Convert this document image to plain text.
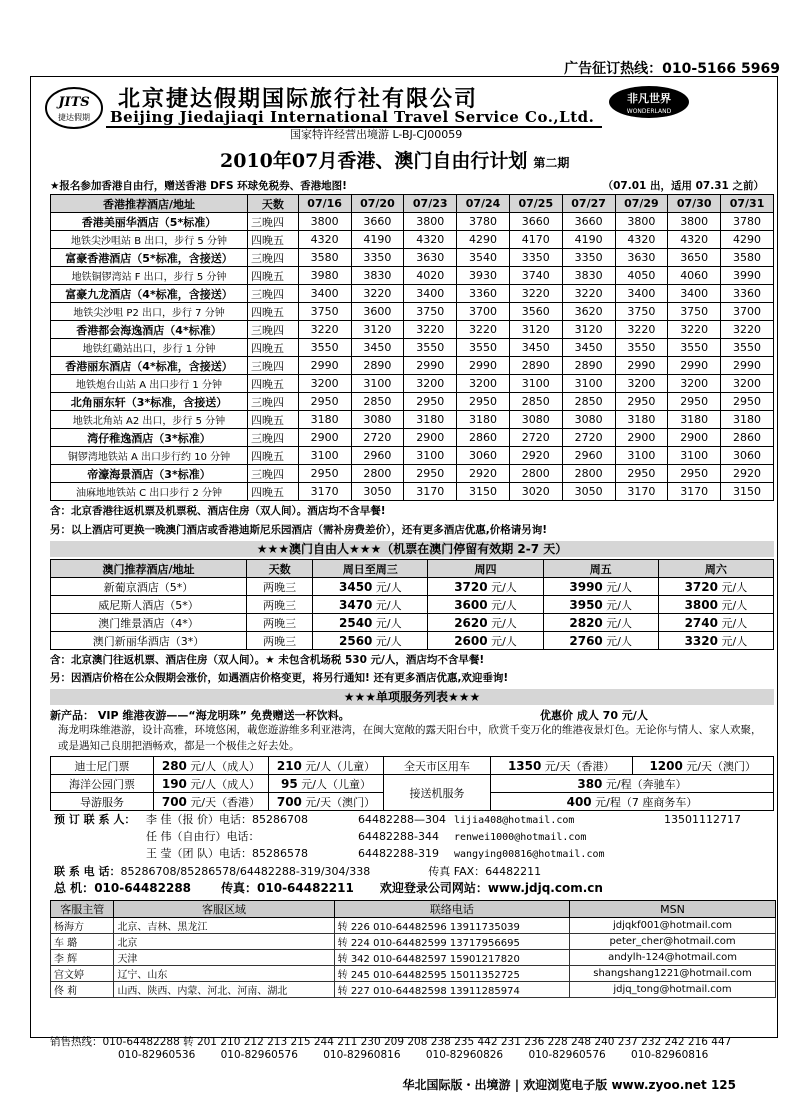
广告征订热线：010-5166 5969
JITS
捷达假期
北京捷达假期国际旅行社有限公司
Beijing Jiedajiaqi International Travel Service Co.,Ltd.
国家特许经营出境游 L-BJ-CJ00059
非凡世界
WONDERLAND
2010年07月香港、澳门自由行计划 第二期
★报名参加香港自由行，赠送香港 DFS 环球免税券、香港地图!	（07.01 出，适用 07.31 之前）
香港推荐酒店/地址	天数	07/16	07/20	07/23	07/24	07/25	07/27	07/29	07/30	07/31
香港美丽华酒店（5*标准）	三晚四	3800	3660	3800	3780	3660	3660	3800	3800	3780
地铁尖沙咀站 B 出口，步行 5 分钟	四晚五	4320	4190	4320	4290	4170	4190	4320	4320	4290
富豪香港酒店（5*标准，含接送）	三晚四	3580	3350	3630	3540	3350	3350	3630	3650	3580
地铁铜锣湾站 F 出口，步行 5 分钟	四晚五	3980	3830	4020	3930	3740	3830	4050	4060	3990
富豪九龙酒店（4*标准，含接送）	三晚四	3400	3220	3400	3360	3220	3220	3400	3400	3360
地铁尖沙咀 P2 出口，步行 7 分钟	四晚五	3750	3600	3750	3700	3560	3620	3750	3750	3700
香港都会海逸酒店（4*标准）	三晚四	3220	3120	3220	3220	3120	3120	3220	3220	3220
地铁红磡站出口，步行 1 分钟	四晚五	3550	3450	3550	3550	3450	3450	3550	3550	3550
香港丽东酒店（4*标准，含接送）	三晚四	2990	2890	2990	2990	2890	2890	2990	2990	2990
地铁炮台山站 A 出口步行 1 分钟	四晚五	3200	3100	3200	3200	3100	3100	3200	3200	3200
北角丽东轩（3*标准，含接送）	三晚四	2950	2850	2950	2950	2850	2850	2950	2950	2950
地铁北角站 A2 出口，步行 5 分钟	四晚五	3180	3080	3180	3180	3080	3080	3180	3180	3180
湾仔稚逸酒店（3*标准）	三晚四	2900	2720	2900	2860	2720	2720	2900	2900	2860
铜锣湾地铁站 A 出口步行约 10 分钟	四晚五	3100	2960	3100	3060	2920	2960	3100	3100	3060
帝濠海景酒店（3*标准）	三晚四	2950	2800	2950	2920	2800	2800	2950	2950	2920
油麻地地铁站 C 出口步行 2 分钟	四晚五	3170	3050	3170	3150	3020	3050	3170	3170	3150
含：北京香港往返机票及机票税、酒店住房（双人间）。酒店均不含早餐!
另：以上酒店可更换一晚澳门酒店或香港迪斯尼乐园酒店（需补房费差价），还有更多酒店优惠,价格请另询!
★★★澳门自由人★★★（机票在澳门停留有效期 2-7 天）
澳门推荐酒店/地址	天数	周日至周三	周四	周五	周六
新葡京酒店（5*）	两晚三	3450 元/人	3720 元/人	3990 元/人	3720 元/人
威尼斯人酒店（5*）	两晚三	3470 元/人	3600 元/人	3950 元/人	3800 元/人
澳门维景酒店（4*）	两晚三	2540 元/人	2620 元/人	2820 元/人	2740 元/人
澳门新丽华酒店（3*）	两晚三	2560 元/人	2600 元/人	2760 元/人	3320 元/人
含：北京澳门往返机票、酒店住房（双人间）。★ 未包含机场税 530 元/人，酒店均不含早餐!
另：因酒店价格在公众假期会涨价，如遇酒店价格变更，将另行通知! 还有更多酒店优惠,欢迎垂询!
★★★单项服务列表★★★
新产品： VIP 维港夜游——“海龙明珠” 免费赠送一杯饮料。	优惠价 成人 70 元/人
海龙明珠维港游，设计高雅，环境悠闲，載您遊游维多利亚港湾，在闽大宽敞的露天阳台中，欣赏千变万化的维港夜景灯色。无论你与情人、家人欢聚，或是遇知己良朋把酒畅欢，都是一个极佳之好去处。
迪士尼门票	280 元/人（成人）	210 元/人（儿童）	全天市区用车	1350 元/天（香港）	1200 元/天（澳门）
海洋公园门票	190 元/人（成人）	95 元/人（儿童）	接送机服务	380 元/程（奔驰车）	
导游服务	700 元/天（香港）	700 元/天（澳门）		400 元/程（7 座商务车）	
预 订 联 系 人： 李 佳（报 价）电话：85286708	64482288—304 lijia408@hotmail.com	13501112717
任 伟（自由行）电话：	64482288-344 renwei1000@hotmail.com
王 莹（团 队）电话：85286578	64482288-319 wangying00816@hotmail.com
联 系 电 话：85286708/85286578/64482288-319/304/338	传真 FAX：64482211
总 机：010-64482288	传真：010-64482211 欢迎登录公司网站：www.jdjq.com.cn
客服主管	客服区域	联络电话	MSN
杨海方	北京、吉林、黑龙江	转 226 010-64482596 13911735039	jdjqkf001@hotmail.com
车 璐	北京	转 224 010-64482599 13717956695	peter_cher@hotmail.com
李 辉	天津	转 342 010-64482597 15901217820	andylh-124@hotmail.com
宫文婷	辽宁、山东	转 245 010-64482595 15011352725	shangshang1221@hotmail.com
佟 莉	山西、陕西、内蒙、河北、河南、湖北	转 227 010-64482598 13911285974	jdjq_tong@hotmail.com
销售热线：010-64482288 转 201 210 212 213 215 244 211 230 209 208 238 235 442 231 236 228 248 240 237 232 242 216 447
010-82960536 010-82960576 010-82960816 010-82960826 010-82960576 010-82960816
华北国际版・出境游 | 欢迎浏览电子版 www.zyoo.net 125
